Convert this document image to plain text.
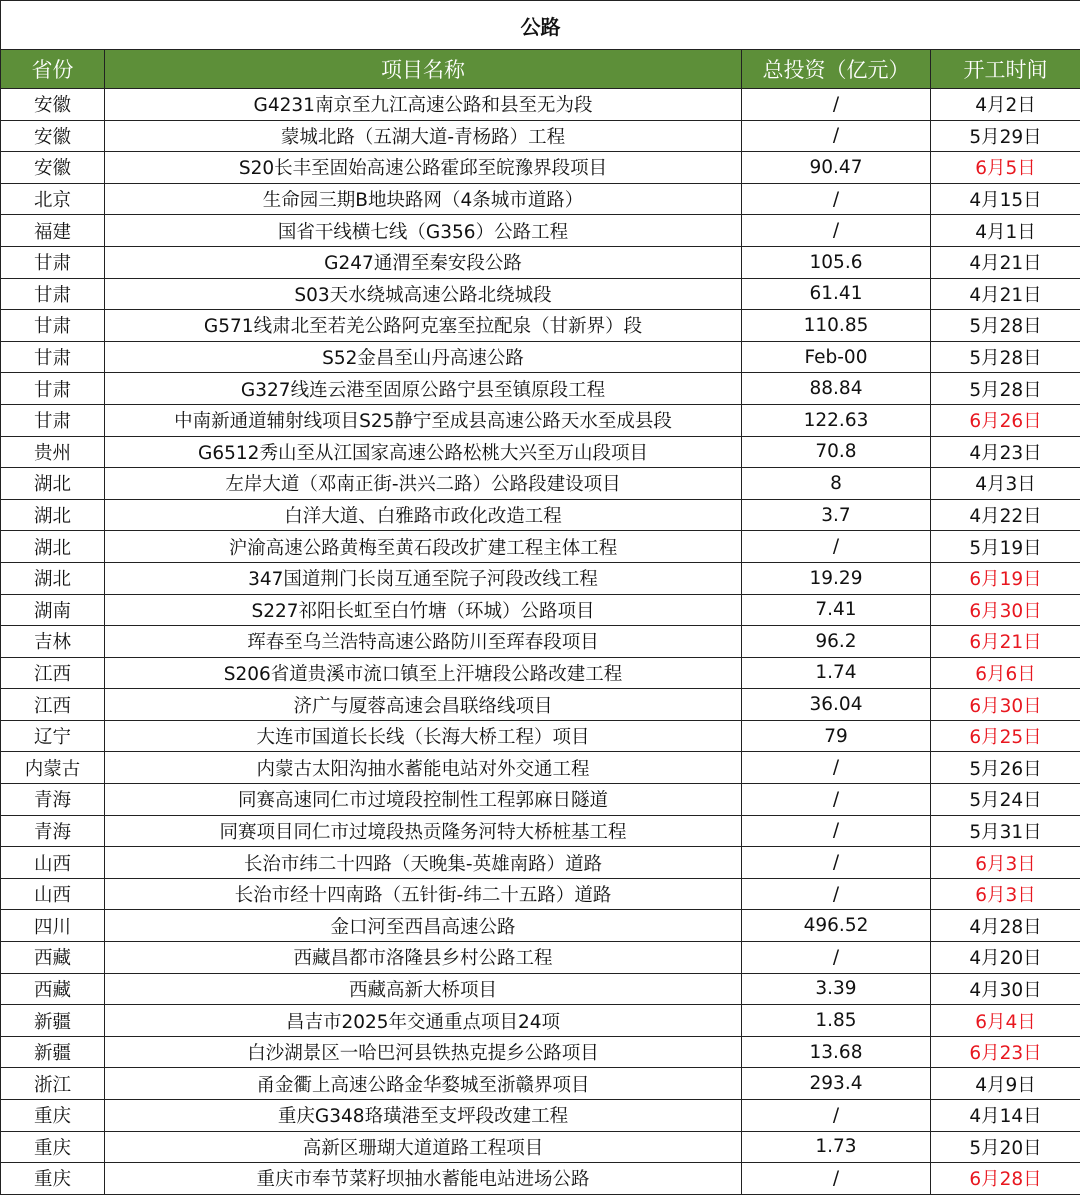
公路			
省份	项目名称	总投资（亿元）	开工时间
安徽	G4231南京至九江高速公路和县至无为段	/	4月2日
安徽	蒙城北路（五湖大道-青杨路）工程	/	5月29日
安徽	S20长丰至固始高速公路霍邱至皖豫界段项目	90.47	6月5日
北京	生命园三期B地块路网（4条城市道路）	/	4月15日
福建	国省干线横七线（G356）公路工程	/	4月1日
甘肃	G247通渭至秦安段公路	105.6	4月21日
甘肃	S03天水绕城高速公路北绕城段	61.41	4月21日
甘肃	G571线肃北至若羌公路阿克塞至拉配泉（甘新界）段	110.85	5月28日
甘肃	S52金昌至山丹高速公路	Feb-00	5月28日
甘肃	G327线连云港至固原公路宁县至镇原段工程	88.84	5月28日
甘肃	中南新通道辅射线项目S25静宁至成县高速公路天水至成县段	122.63	6月26日
贵州	G6512秀山至从江国家高速公路松桃大兴至万山段项目	70.8	4月23日
湖北	左岸大道（邓南正街-洪兴二路）公路段建设项目	8	4月3日
湖北	白洋大道、白雅路市政化改造工程	3.7	4月22日
湖北	沪渝高速公路黄梅至黄石段改扩建工程主体工程	/	5月19日
湖北	347国道荆门长岗互通至院子河段改线工程	19.29	6月19日
湖南	S227祁阳长虹至白竹塘（环城）公路项目	7.41	6月30日
吉林	珲春至乌兰浩特高速公路防川至珲春段项目	96.2	6月21日
江西	S206省道贵溪市流口镇至上汗塘段公路改建工程	1.74	6月6日
江西	济广与厦蓉高速会昌联络线项目	36.04	6月30日
辽宁	大连市国道长长线（长海大桥工程）项目	79	6月25日
内蒙古	内蒙古太阳沟抽水蓄能电站对外交通工程	/	5月26日
青海	同赛高速同仁市过境段控制性工程郭麻日隧道	/	5月24日
青海	同赛项目同仁市过境段热贡隆务河特大桥桩基工程	/	5月31日
山西	长治市纬二十四路（天晚集-英雄南路）道路	/	6月3日
山西	长治市经十四南路（五针街-纬二十五路）道路	/	6月3日
四川	金口河至西昌高速公路	496.52	4月28日
西藏	西藏昌都市洛隆县乡村公路工程	/	4月20日
西藏	西藏高新大桥项目	3.39	4月30日
新疆	昌吉市2025年交通重点项目24项	1.85	6月4日
新疆	白沙湖景区一哈巴河县铁热克提乡公路项目	13.68	6月23日
浙江	甬金衢上高速公路金华婺城至浙赣界项目	293.4	4月9日
重庆	重庆G348珞璜港至支坪段改建工程	/	4月14日
重庆	高新区珊瑚大道道路工程项目	1.73	5月20日
重庆	重庆市奉节菜籽坝抽水蓄能电站进场公路	/	6月28日
